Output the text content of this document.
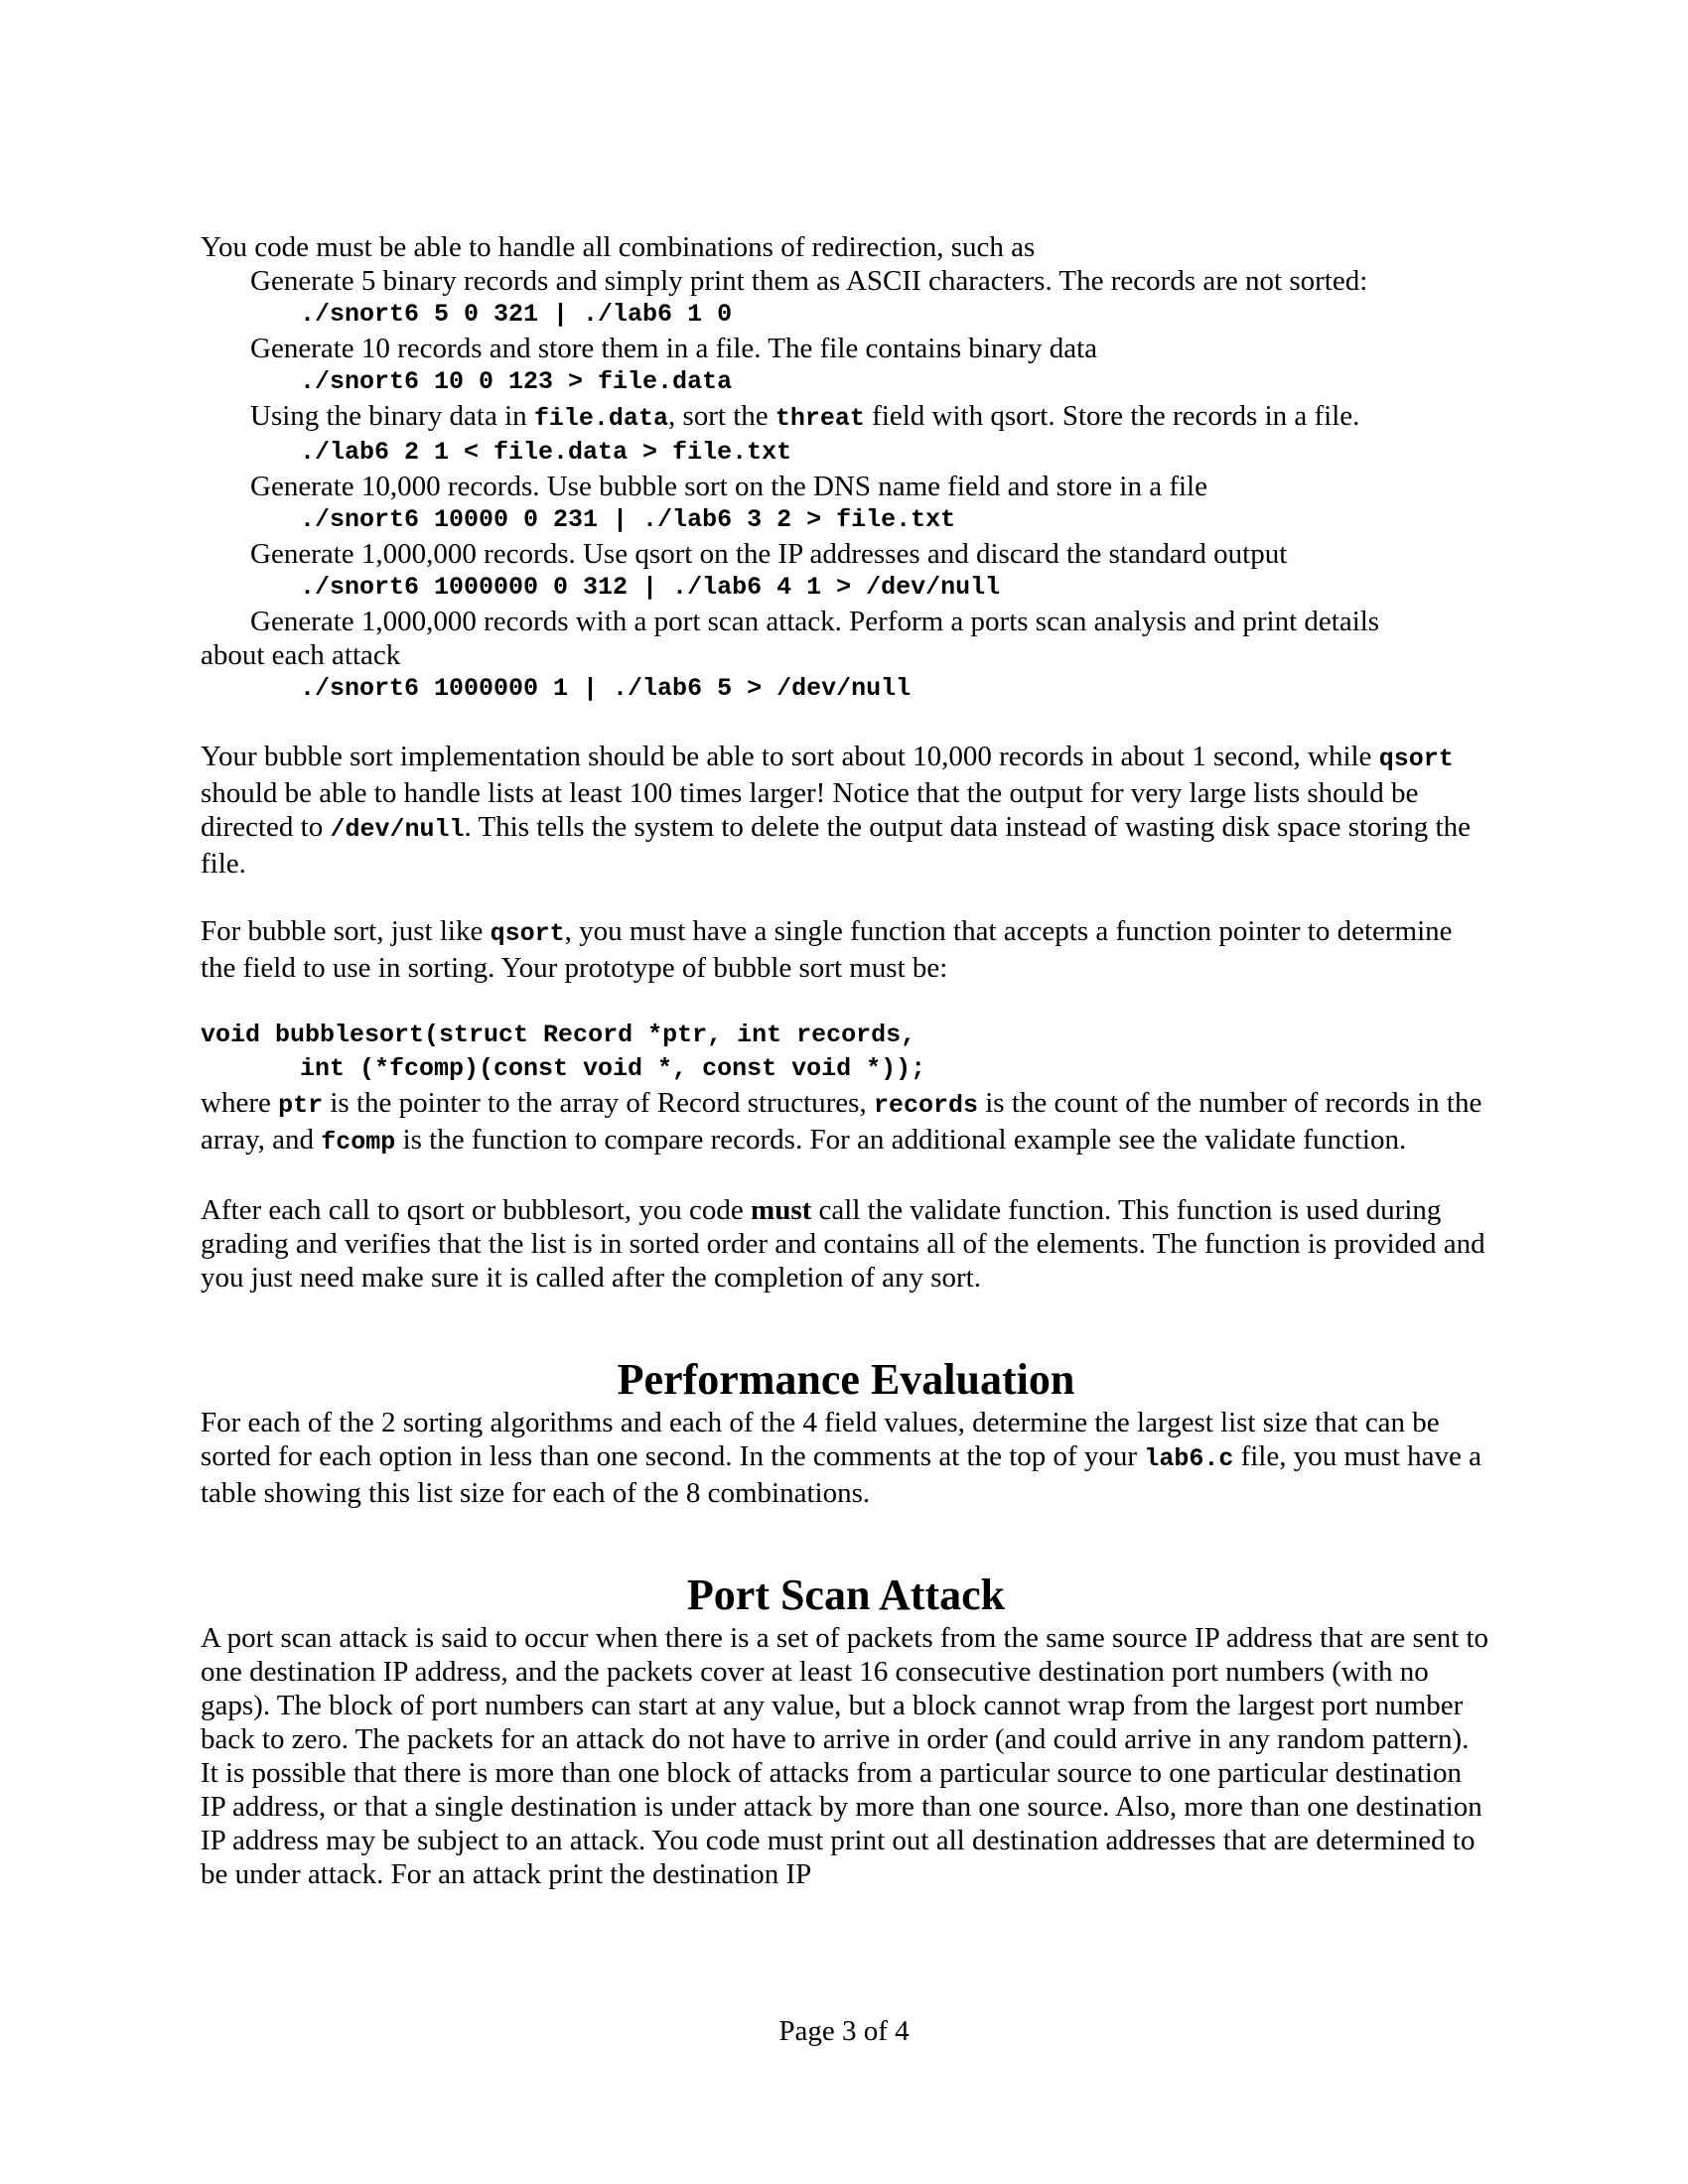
You code must be able to handle all combinations of redirection, such as

Generate 5 binary records and simply print them as ASCII characters. The records are not sorted:

./snort6 5 0 321 | ./lab6 1 0

Generate 10 records and store them in a file. The file contains binary data

./snort6 10 0 123 > file.data

Using the binary data in file.data, sort the threat field with qsort. Store the records in a file.

./lab6 2 1 < file.data > file.txt

Generate 10,000 records. Use bubble sort on the DNS name field and store in a file

./snort6 10000 0 231 | ./lab6 3 2 > file.txt

Generate 1,000,000 records. Use qsort on the IP addresses and discard the standard output

./snort6 1000000 0 312 | ./lab6 4 1 > /dev/null

Generate 1,000,000 records with a port scan attack. Perform a ports scan analysis and print details

about each attack

./snort6 1000000 1 | ./lab6 5 > /dev/null

Your bubble sort implementation should be able to sort about 10,000 records in about 1 second, while qsort should be able to handle lists at least 100 times larger! Notice that the output for very large lists should be directed to /dev/null. This tells the system to delete the output data instead of wasting disk space storing the file.

For bubble sort, just like qsort, you must have a single function that accepts a function pointer to determine the field to use in sorting. Your prototype of bubble sort must be:

void bubblesort(struct Record *ptr, int records,

int (*fcomp)(const void *, const void *));

where ptr is the pointer to the array of Record structures, records is the count of the number of records in the array, and fcomp is the function to compare records. For an additional example see the validate function.

After each call to qsort or bubblesort, you code must call the validate function. This function is used during grading and verifies that the list is in sorted order and contains all of the elements. The function is provided and you just need make sure it is called after the completion of any sort.

Performance Evaluation

For each of the 2 sorting algorithms and each of the 4 field values, determine the largest list size that can be sorted for each option in less than one second. In the comments at the top of your lab6.c file, you must have a table showing this list size for each of the 8 combinations.

Port Scan Attack

A port scan attack is said to occur when there is a set of packets from the same source IP address that are sent to one destination IP address, and the packets cover at least 16 consecutive destination port numbers (with no gaps). The block of port numbers can start at any value, but a block cannot wrap from the largest port number back to zero. The packets for an attack do not have to arrive in order (and could arrive in any random pattern). It is possible that there is more than one block of attacks from a particular source to one particular destination IP address, or that a single destination is under attack by more than one source. Also, more than one destination IP address may be subject to an attack. You code must print out all destination addresses that are determined to be under attack. For an attack print the destination IP

Page 3 of 4
